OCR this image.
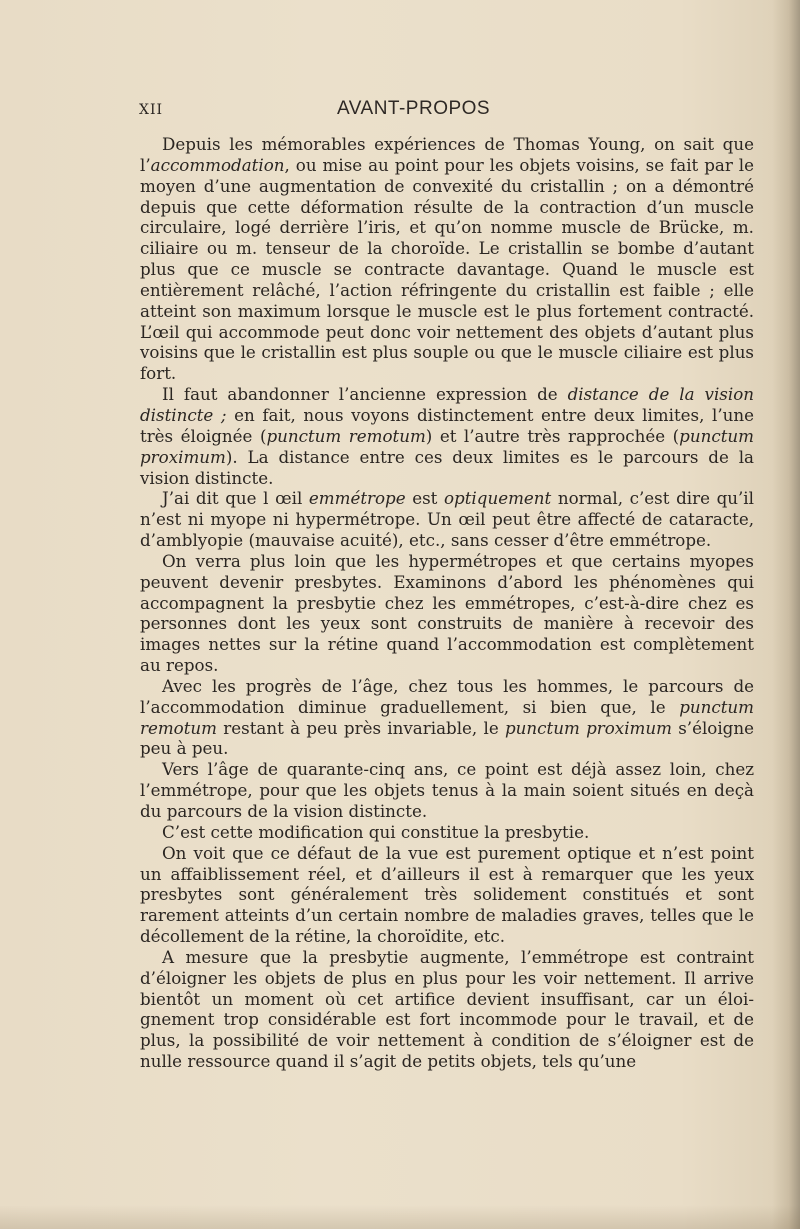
XII	AVANT-PROPOS

Depuis les mémorables expériences de Thomas Young, on sait que l’accommodation, ou mise au point pour les objets voisins, se fait par le moyen d’une augmentation de convexité du cristallin ; on a démontré depuis que cette déformation résulte de la contraction d’un muscle circulaire, logé derrière l’iris, et qu’on nomme muscle de Brücke, m. ciliaire ou m. tenseur de la choroïde. Le cristallin se bombe d’autant plus que ce muscle se contracte davantage. Quand le muscle est entièrement relâché, l’action réfringente du cristallin est faible ; elle atteint son maximum lorsque le muscle est le plus fortement contracté. L’œil qui accommode peut donc voir nettement des objets d’autant plus voisins que le cristallin est plus souple ou que le muscle ciliaire est plus fort.

Il faut abandonner l’ancienne expression de distance de la vision distincte ; en fait, nous voyons distinctement entre deux limites, l’une très éloignée (punctum remotum) et l’autre très rapprochée (punctum proximum). La distance entre ces deux limites es le parcours de la vision distincte.

J’ai dit que l œil emmétrope est optiquement normal, c’est dire qu’il n’est ni myope ni hypermétrope. Un œil peut être affecté de cataracte, d’amblyopie (mauvaise acuité), etc., sans cesser d’être emmétrope.

On verra plus loin que les hypermétropes et que certains myopes peuvent devenir presbytes. Examinons d’abord les phénomènes qui accompagnent la presbytie chez les emmétropes, c’est-à-dire chez es personnes dont les yeux sont construits de manière à recevoir des images nettes sur la rétine quand l’accommodation est complètement au repos.

Avec les progrès de l’âge, chez tous les hommes, le parcours de l’accommodation diminue graduellement, si bien que, le punctum remotum restant à peu près invariable, le punctum proximum s’éloigne peu à peu.

Vers l’âge de quarante-cinq ans, ce point est déjà assez loin, chez l’emmétrope, pour que les objets tenus à la main soient situés en deçà du parcours de la vision distincte.

C’est cette modification qui constitue la presbytie.

On voit que ce défaut de la vue est purement optique et n’est point un affaiblissement réel, et d’ailleurs il est à remarquer que les yeux presbytes sont généralement très solidement constitués et sont rarement atteints d’un certain nombre de maladies graves, telles que le décollement de la rétine, la choroïdite, etc.

A mesure que la presbytie augmente, l’emmétrope est contraint d’éloigner les objets de plus en plus pour les voir nettement. Il arrive bientôt un moment où cet artifice devient insuffisant, car un éloignement trop considérable est fort incommode pour le travail, et de plus, la possibilité de voir nettement à condition de s’éloigner est de nulle ressource quand il s’agit de petits objets, tels qu’une
